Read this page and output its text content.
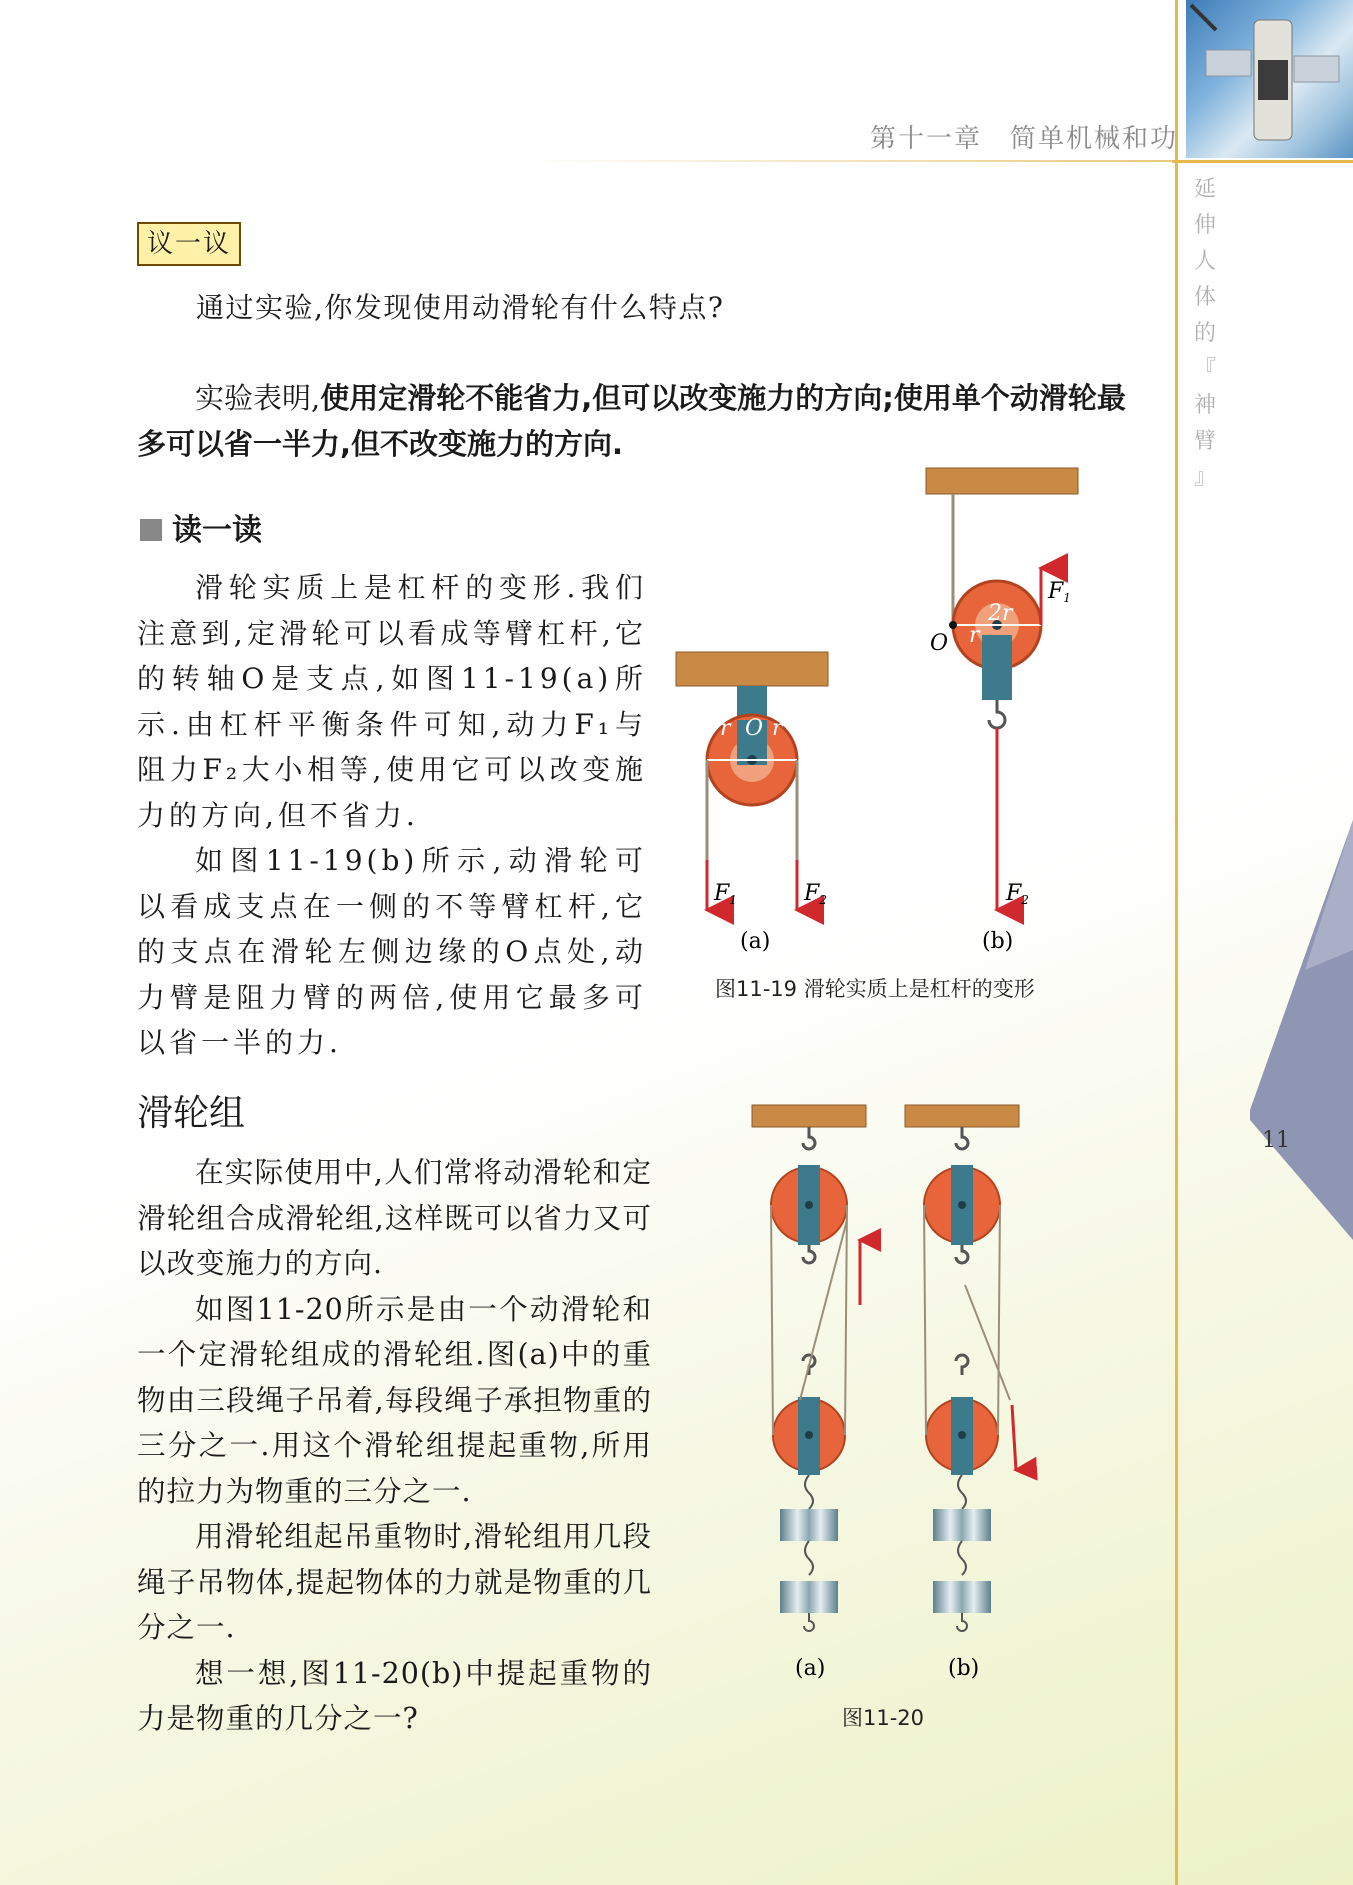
第十一章　简单机械和功
延
伸
人
体
的
『
神
臂
』
11
议一议
通过实验,你发现使用动滑轮有什么特点?
实验表明,使用定滑轮不能省力,但可以改变施力的方向;使用单个动滑轮最多可以省一半力,但不改变施力的方向.
读一读
滑轮实质上是杠杆的变形.我们注意到,定滑轮可以看成等臂杠杆,它的转轴O是支点,如图11-19(a)所示.由杠杆平衡条件可知,动力F₁与阻力F₂大小相等,使用它可以改变施力的方向,但不省力.
如图11-19(b)所示,动滑轮可以看成支点在一侧的不等臂杠杆,它的支点在滑轮左侧边缘的O点处,动力臂是阻力臂的两倍,使用它最多可以省一半的力.
O
r r
F1	F2
(a)
O
2r
r
F1
F2
(b)
图11-19 滑轮实质上是杠杆的变形
滑轮组
在实际使用中,人们常将动滑轮和定滑轮组合成滑轮组,这样既可以省力又可以改变施力的方向.
如图11-20所示是由一个动滑轮和一个定滑轮组成的滑轮组.图(a)中的重物由三段绳子吊着,每段绳子承担物重的三分之一.用这个滑轮组提起重物,所用的拉力为物重的三分之一.
用滑轮组起吊重物时,滑轮组用几段绳子吊物体,提起物体的力就是物重的几分之一.
想一想,图11-20(b)中提起重物的力是物重的几分之一?
(a)	(b)
图11-20
